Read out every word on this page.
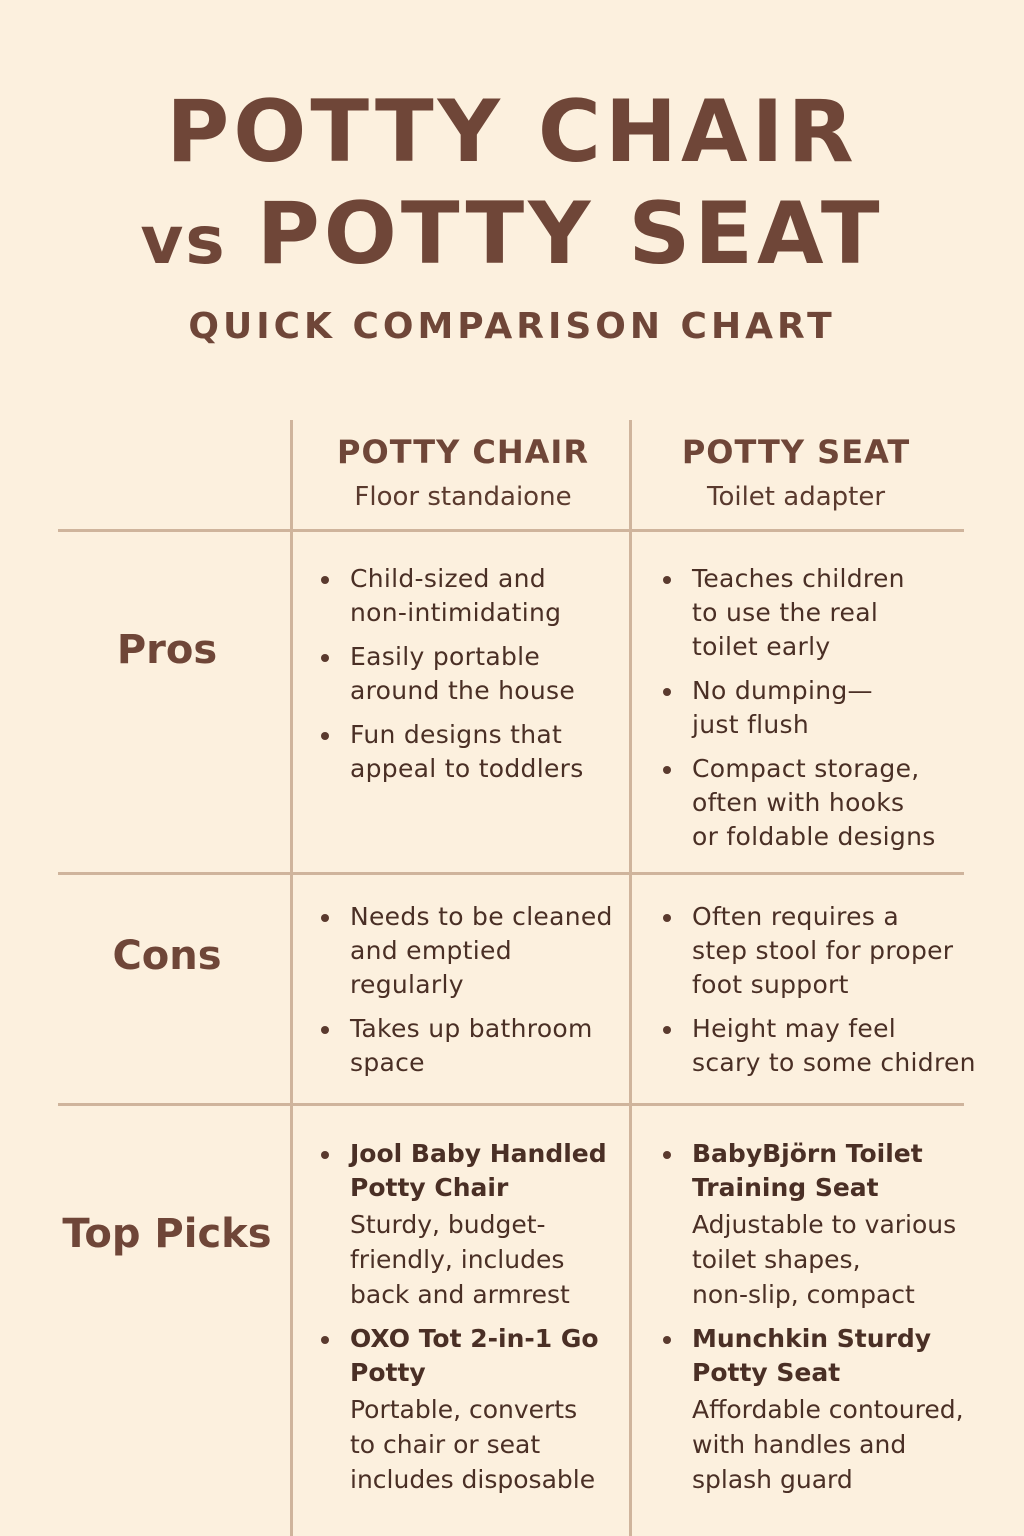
POTTY CHAIR
vs POTTY SEAT
QUICK COMPARISON CHART
POTTY CHAIR
Floor standaione
POTTY SEAT
Toilet adapter
Pros
Cons
Top Picks
Child-sized and
non-intimidating
Easily portable
around the house
Fun designs that
appeal to toddlers
Teaches children
to use the real
toilet early
No dumping—
just flush
Compact storage,
often with hooks
or foldable designs
Needs to be cleaned
and emptied
regularly
Takes up bathroom
space
Often requires a
step stool for proper
foot support
Height may feel
scary to some chidren
Jool Baby Handled
Potty Chair
Sturdy, budget-
friendly, includes
back and armrest
OXO Tot 2-in-1 Go
Potty
Portable, converts
to chair or seat
includes disposable
BabyBjörn Toilet
Training Seat
Adjustable to various
toilet shapes,
non-slip, compact
Munchkin Sturdy
Potty Seat
Affordable contoured,
with handles and
splash guard
